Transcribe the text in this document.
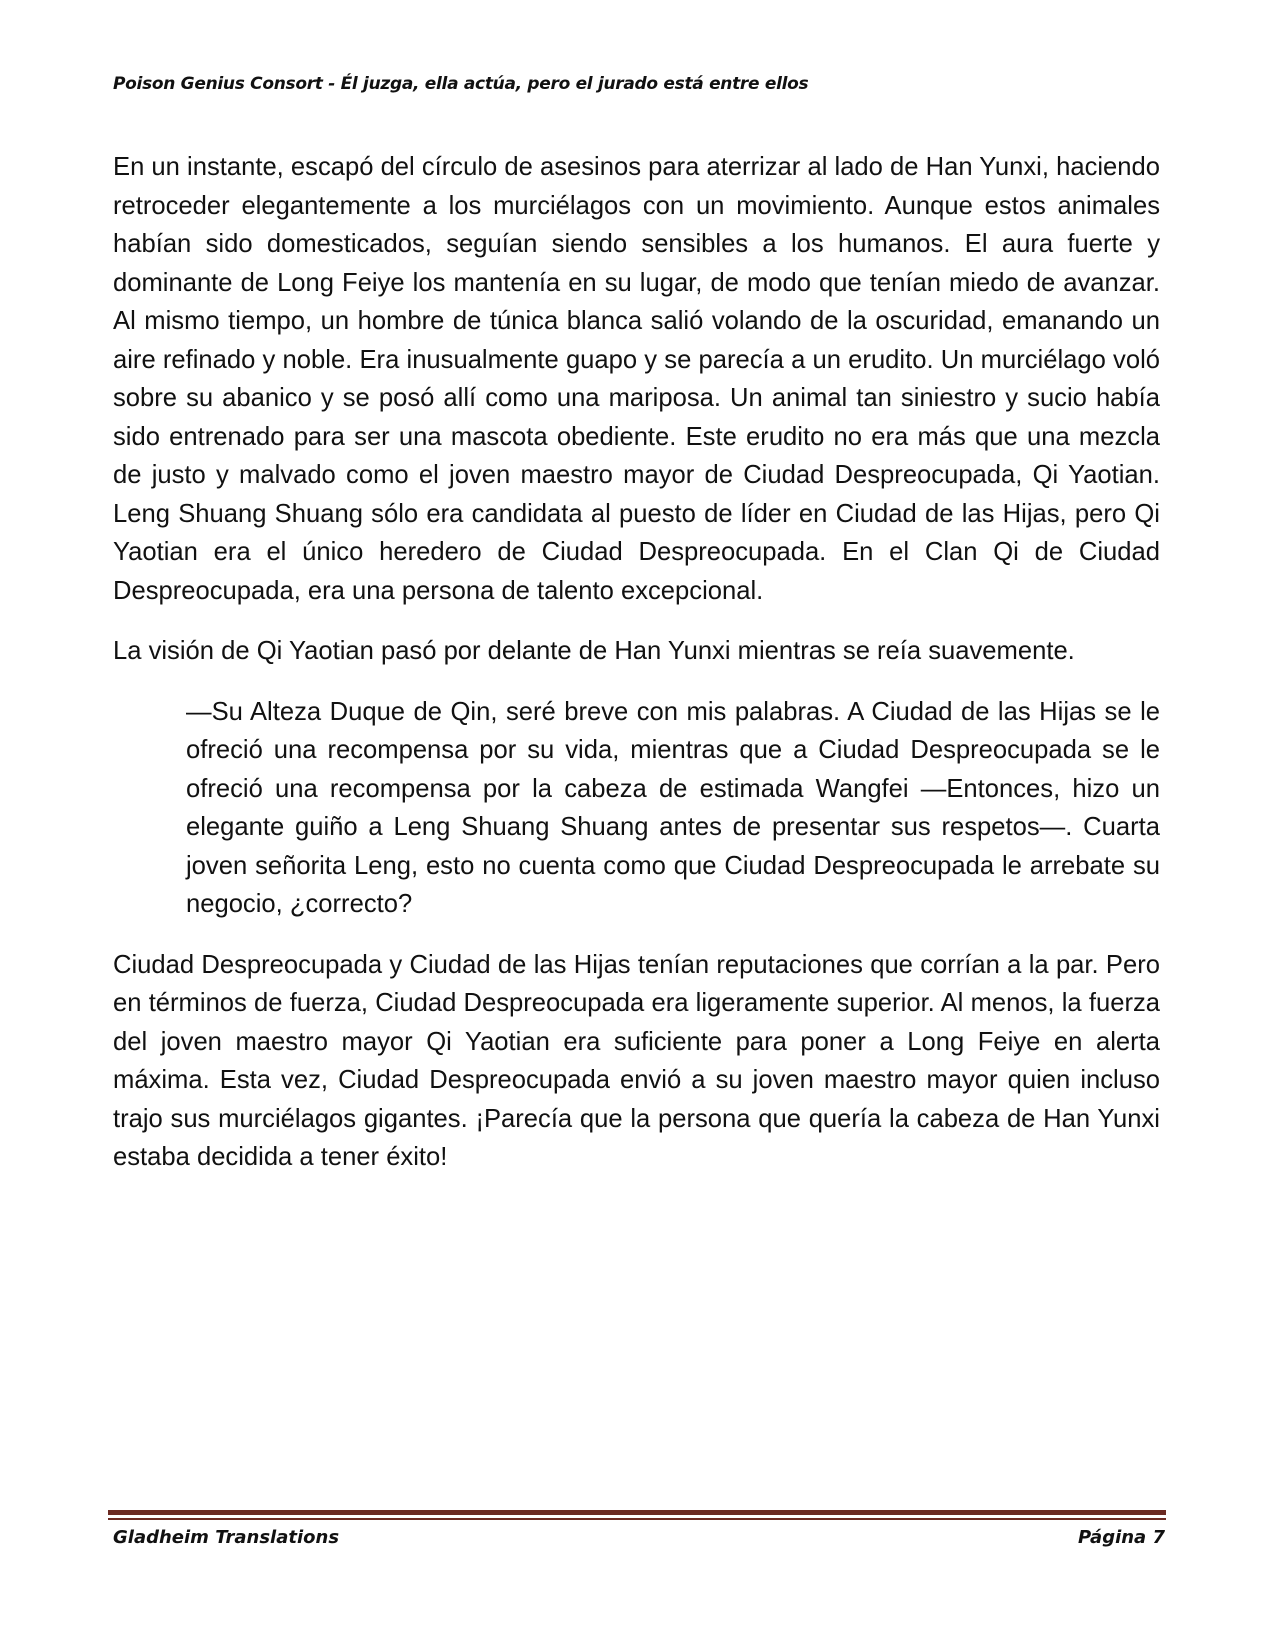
Poison Genius Consort - Él juzga, ella actúa, pero el jurado está entre ellos

En un instante, escapó del círculo de asesinos para aterrizar al lado de Han Yunxi, haciendo retroceder elegantemente a los murciélagos con un movimiento. Aunque estos animales habían sido domesticados, seguían siendo sensibles a los humanos. El aura fuerte y dominante de Long Feiye los mantenía en su lugar, de modo que tenían miedo de avanzar. Al mismo tiempo, un hombre de túnica blanca salió volando de la oscuridad, emanando un aire refinado y noble. Era inusualmente guapo y se parecía a un erudito. Un murciélago voló sobre su abanico y se posó allí como una mariposa. Un animal tan siniestro y sucio había sido entrenado para ser una mascota obediente. Este erudito no era más que una mezcla de justo y malvado como el joven maestro mayor de Ciudad Despreocupada, Qi Yaotian. Leng Shuang Shuang sólo era candidata al puesto de líder en Ciudad de las Hijas, pero Qi Yaotian era el único heredero de Ciudad Despreocupada. En el Clan Qi de Ciudad Despreocupada, era una persona de talento excepcional.

La visión de Qi Yaotian pasó por delante de Han Yunxi mientras se reía suavemente.

—Su Alteza Duque de Qin, seré breve con mis palabras. A Ciudad de las Hijas se le ofreció una recompensa por su vida, mientras que a Ciudad Despreocupada se le ofreció una recompensa por la cabeza de estimada Wangfei —Entonces, hizo un elegante guiño a Leng Shuang Shuang antes de presentar sus respetos—. Cuarta joven señorita Leng, esto no cuenta como que Ciudad Despreocupada le arrebate su negocio, ¿correcto?

Ciudad Despreocupada y Ciudad de las Hijas tenían reputaciones que corrían a la par. Pero en términos de fuerza, Ciudad Despreocupada era ligeramente superior. Al menos, la fuerza del joven maestro mayor Qi Yaotian era suficiente para poner a Long Feiye en alerta máxima. Esta vez, Ciudad Despreocupada envió a su joven maestro mayor quien incluso trajo sus murciélagos gigantes. ¡Parecía que la persona que quería la cabeza de Han Yunxi estaba decidida a tener éxito!

Gladheim Translations	Página 7
